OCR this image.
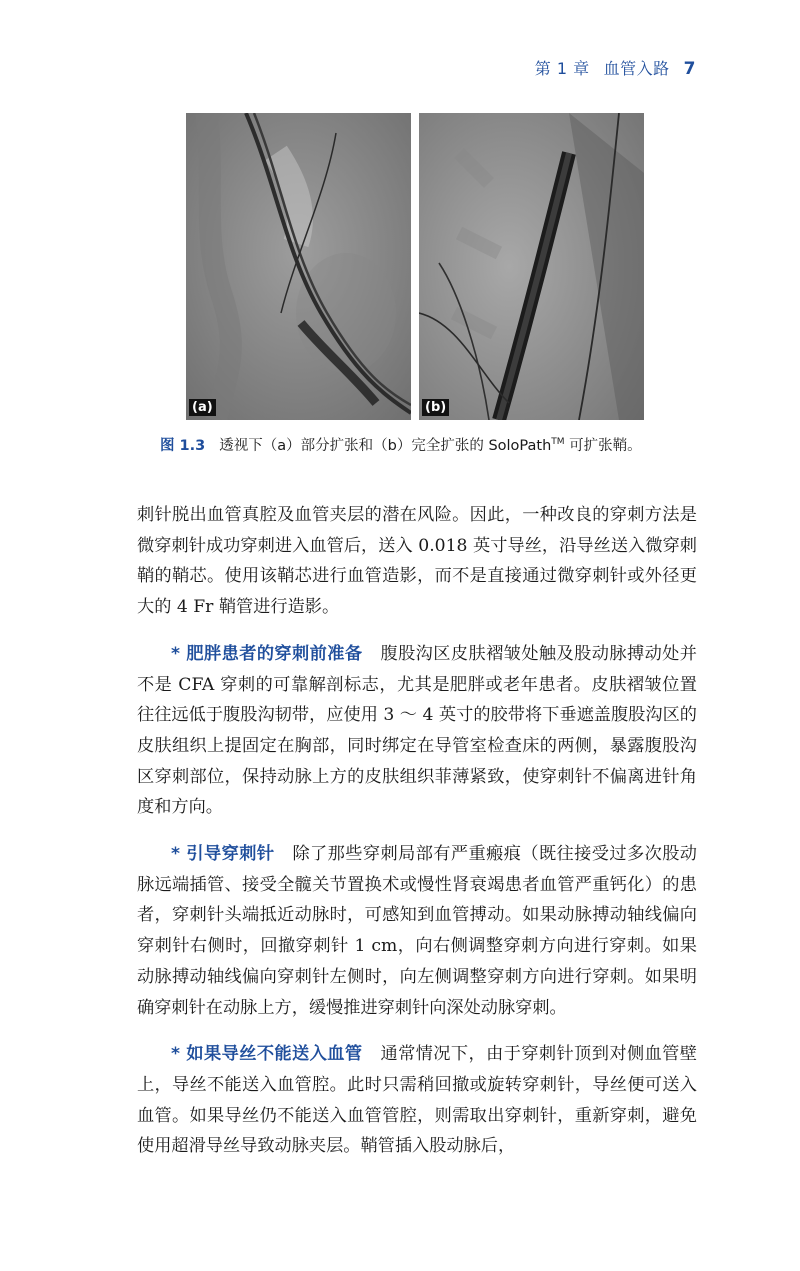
第 1 章 血管入路 7
(a)	(b)
图 1.3 透视下（a）部分扩张和（b）完全扩张的 SoloPath™ 可扩张鞘。

刺针脱出血管真腔及血管夹层的潜在风险。因此，一种改良的穿刺方法是微穿刺针成功穿刺进入血管后，送入 0.018 英寸导丝，沿导丝送入微穿刺鞘的鞘芯。使用该鞘芯进行血管造影，而不是直接通过微穿刺针或外径更大的 4 Fr 鞘管进行造影。

* 肥胖患者的穿刺前准备 腹股沟区皮肤褶皱处触及股动脉搏动处并不是 CFA 穿刺的可靠解剖标志，尤其是肥胖或老年患者。皮肤褶皱位置往往远低于腹股沟韧带，应使用 3 ～ 4 英寸的胶带将下垂遮盖腹股沟区的皮肤组织上提固定在胸部，同时绑定在导管室检查床的两侧，暴露腹股沟区穿刺部位，保持动脉上方的皮肤组织菲薄紧致，使穿刺针不偏离进针角度和方向。

* 引导穿刺针 除了那些穿刺局部有严重瘢痕（既往接受过多次股动脉远端插管、接受全髋关节置换术或慢性肾衰竭患者血管严重钙化）的患者，穿刺针头端抵近动脉时，可感知到血管搏动。如果动脉搏动轴线偏向穿刺针右侧时，回撤穿刺针 1 cm，向右侧调整穿刺方向进行穿刺。如果动脉搏动轴线偏向穿刺针左侧时，向左侧调整穿刺方向进行穿刺。如果明确穿刺针在动脉上方，缓慢推进穿刺针向深处动脉穿刺。

* 如果导丝不能送入血管 通常情况下，由于穿刺针顶到对侧血管壁上，导丝不能送入血管腔。此时只需稍回撤或旋转穿刺针，导丝便可送入血管。如果导丝仍不能送入血管管腔，则需取出穿刺针，重新穿刺，避免使用超滑导丝导致动脉夹层。鞘管插入股动脉后，
